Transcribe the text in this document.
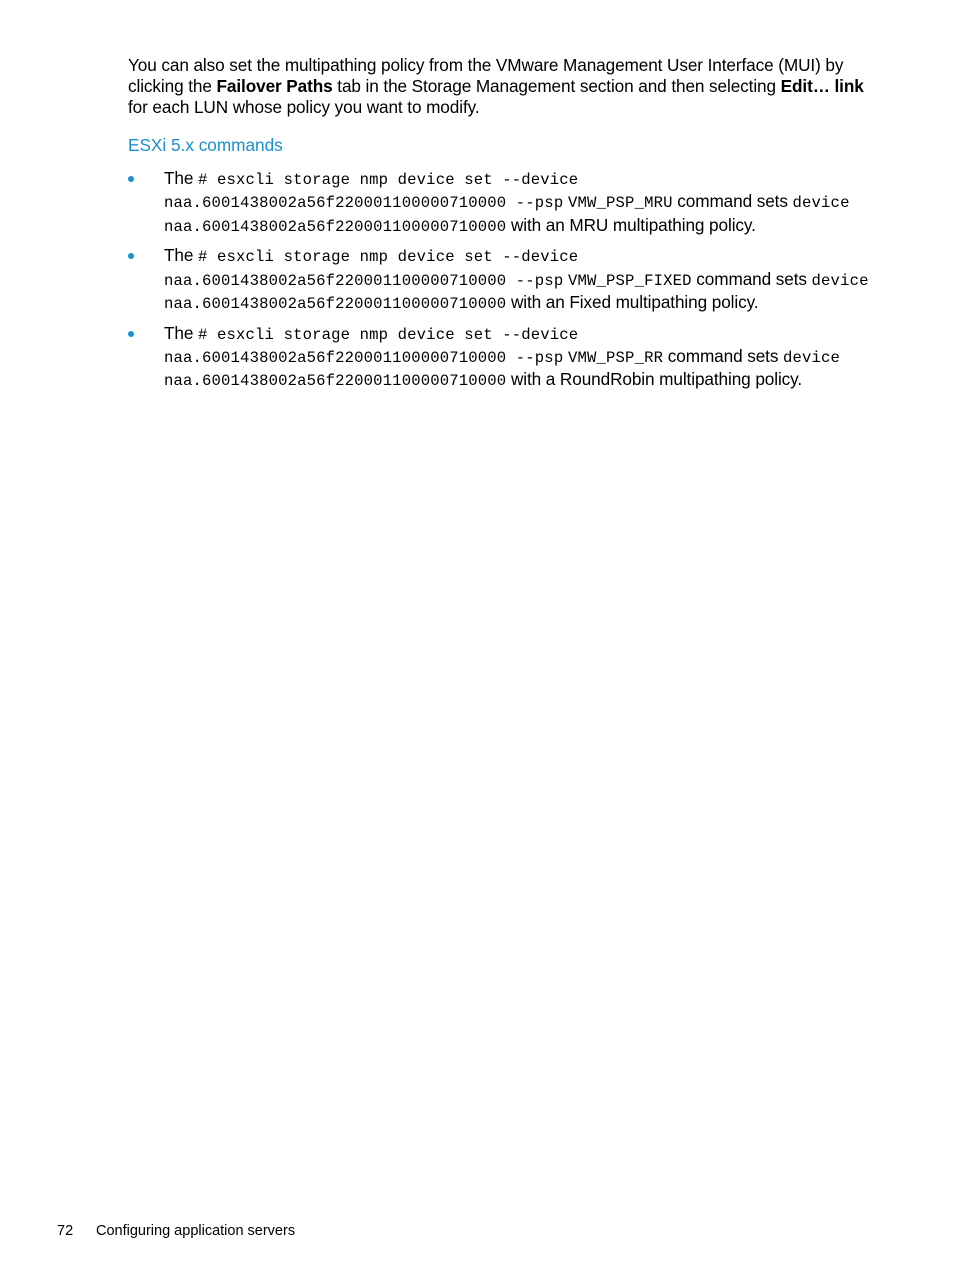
You can also set the multipathing policy from the VMware Management User Interface (MUI) by clicking the Failover Paths tab in the Storage Management section and then selecting Edit… link for each LUN whose policy you want to modify.

ESXi 5.x commands
The # esxcli storage nmp device set --device naa.6001438002a56f220001100000710000 --psp VMW_PSP_MRU command sets device naa.6001438002a56f220001100000710000 with an MRU multipathing policy.
The # esxcli storage nmp device set --device naa.6001438002a56f220001100000710000 --psp VMW_PSP_FIXED command sets device naa.6001438002a56f220001100000710000 with an Fixed multipathing policy.
The # esxcli storage nmp device set --device naa.6001438002a56f220001100000710000 --psp VMW_PSP_RR command sets device naa.6001438002a56f220001100000710000 with a RoundRobin multipathing policy.
72 Configuring application servers
